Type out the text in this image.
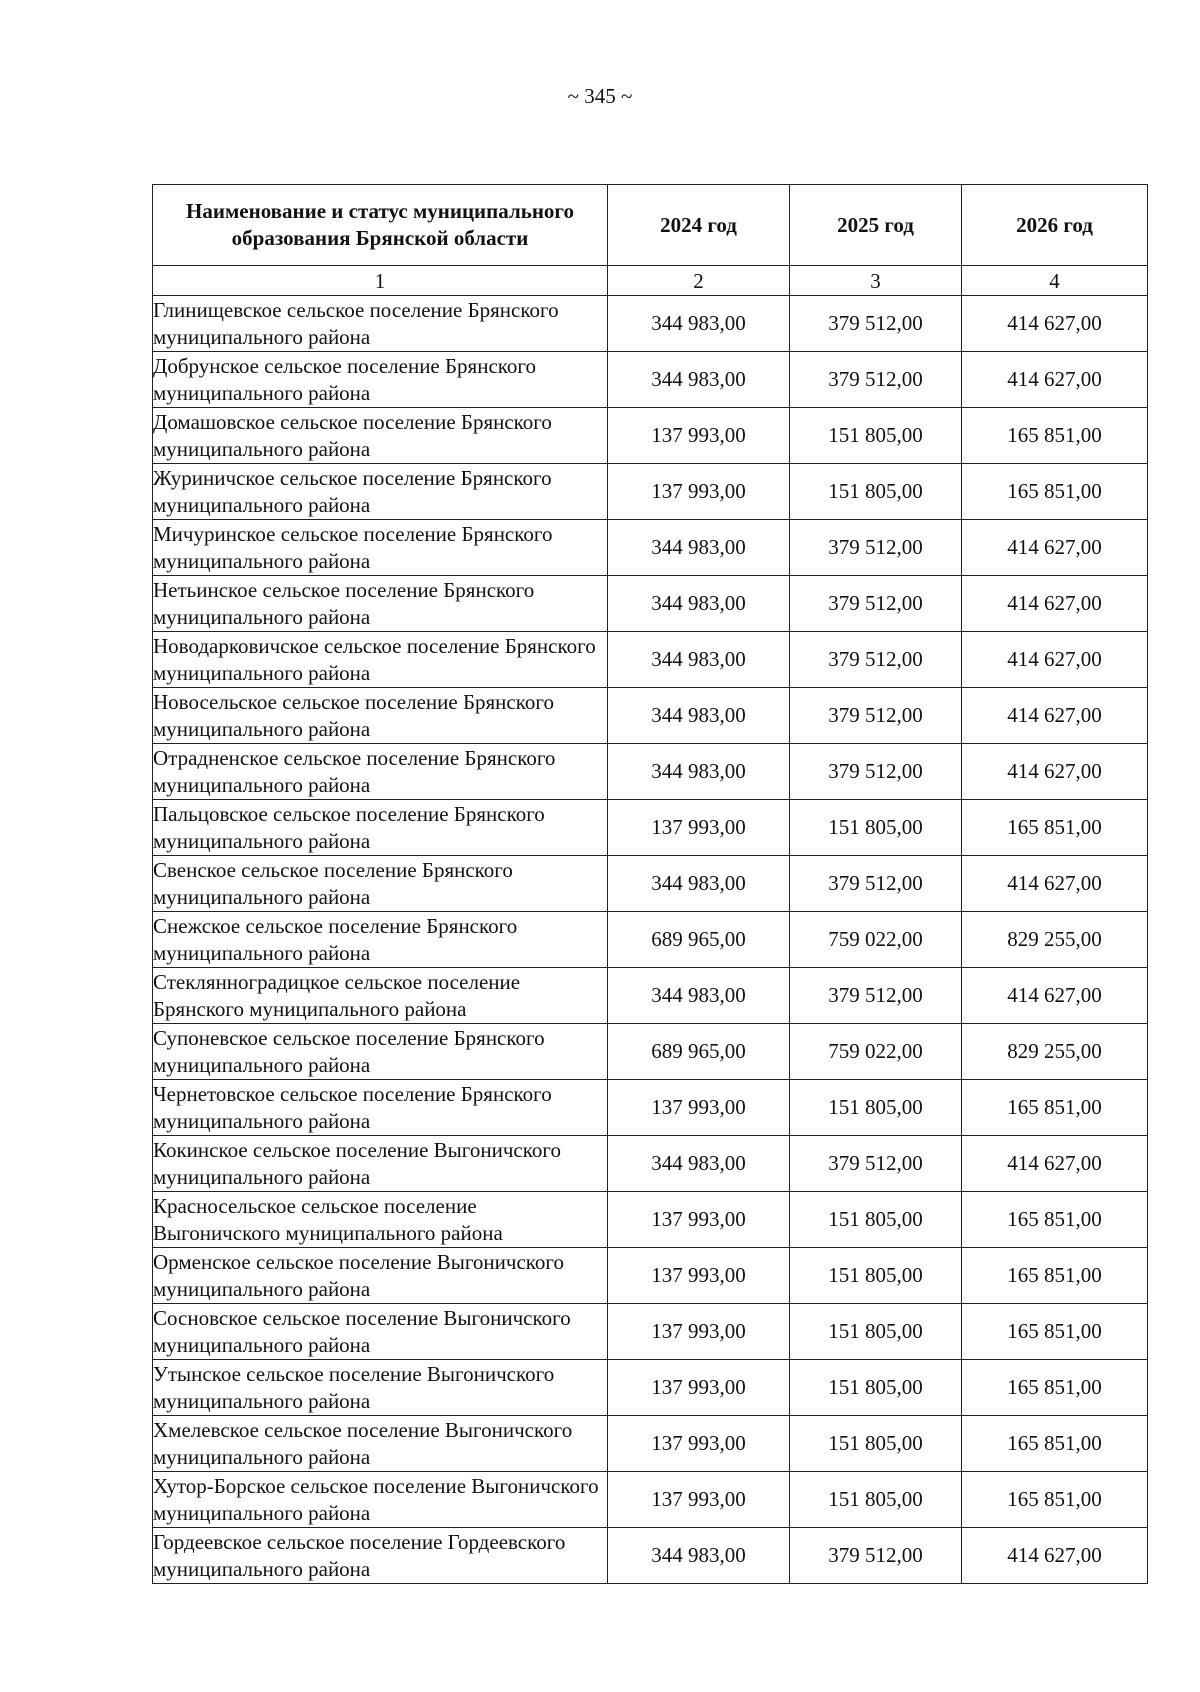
~ 345 ~
Наименование и статус муниципального образования Брянской области	2024 год	2025 год	2026 год
1	2	3	4
Глинищевское сельское поселение Брянского муниципального района	344 983,00	379 512,00	414 627,00
Добрунское сельское поселение Брянского муниципального района	344 983,00	379 512,00	414 627,00
Домашовское сельское поселение Брянского муниципального района	137 993,00	151 805,00	165 851,00
Журиничское сельское поселение Брянского муниципального района	137 993,00	151 805,00	165 851,00
Мичуринское сельское поселение Брянского муниципального района	344 983,00	379 512,00	414 627,00
Нетьинское сельское поселение Брянского муниципального района	344 983,00	379 512,00	414 627,00
Новодарковичское сельское поселение Брянского муниципального района	344 983,00	379 512,00	414 627,00
Новосельское сельское поселение Брянского муниципального района	344 983,00	379 512,00	414 627,00
Отрадненское сельское поселение Брянского муниципального района	344 983,00	379 512,00	414 627,00
Пальцовское сельское поселение Брянского муниципального района	137 993,00	151 805,00	165 851,00
Свенское сельское поселение Брянского муниципального района	344 983,00	379 512,00	414 627,00
Снежское сельское поселение Брянского муниципального района	689 965,00	759 022,00	829 255,00
Стеклянноградицкое сельское поселение Брянского муниципального района	344 983,00	379 512,00	414 627,00
Супоневское сельское поселение Брянского муниципального района	689 965,00	759 022,00	829 255,00
Чернетовское сельское поселение Брянского муниципального района	137 993,00	151 805,00	165 851,00
Кокинское сельское поселение Выгоничского муниципального района	344 983,00	379 512,00	414 627,00
Красносельское сельское поселение Выгоничского муниципального района	137 993,00	151 805,00	165 851,00
Орменское сельское поселение Выгоничского муниципального района	137 993,00	151 805,00	165 851,00
Сосновское сельское поселение Выгоничского муниципального района	137 993,00	151 805,00	165 851,00
Утынское сельское поселение Выгоничского муниципального района	137 993,00	151 805,00	165 851,00
Хмелевское сельское поселение Выгоничского муниципального района	137 993,00	151 805,00	165 851,00
Хутор-Борское сельское поселение Выгоничского муниципального района	137 993,00	151 805,00	165 851,00
Гордеевское сельское поселение Гордеевского муниципального района	344 983,00	379 512,00	414 627,00
